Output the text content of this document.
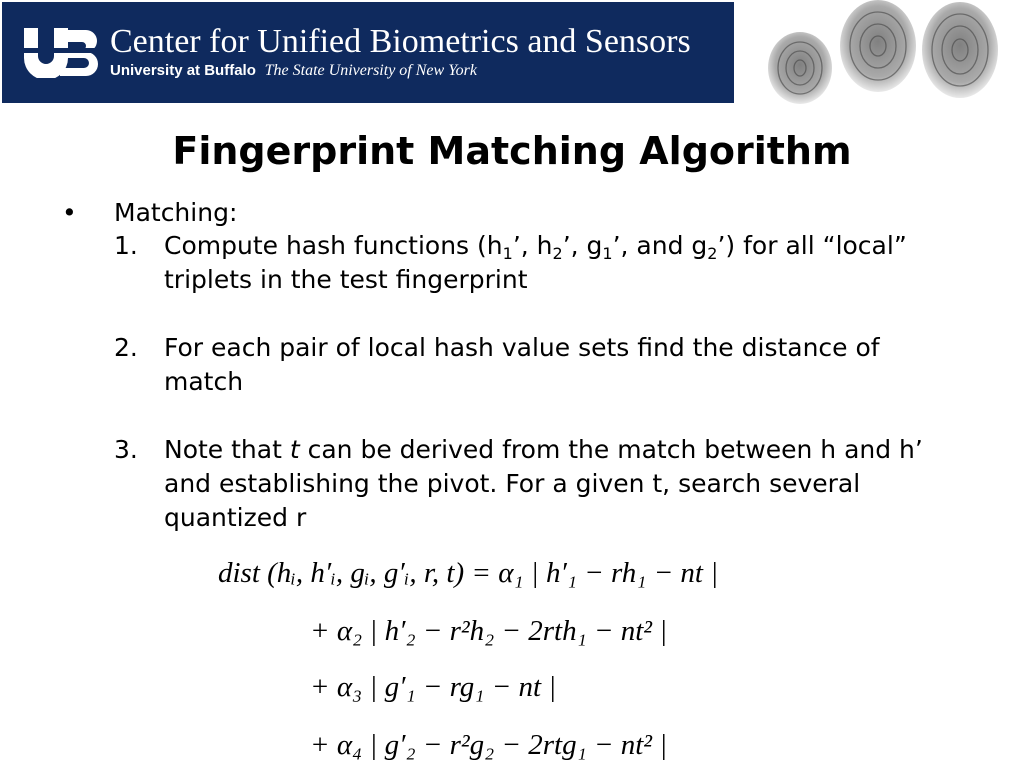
Center for Unified Biometrics and Sensors
University at Buffalo The State University of New York
Fingerprint Matching Algorithm
• Matching:
1. Compute hash functions ($h_1$’, $h_2$’, $g_1$’, and $g_2$’) for all “local” triplets in the test fingerprint
2. For each pair of local hash value sets find the distance of match
3. Note that t can be derived from the match between h and h’ and establishing the pivot. For a given t, search several quantized r
dist (hᵢ, h′ᵢ, gᵢ, g′ᵢ, r, t) = α₁ | h′₁ − rh₁ − nt |
+ α₂ | h′₂ − r²h₂ − 2rth₁ − nt² |
+ α₃ | g′₁ − rg₁ − nt |
+ α₄ | g′₂ − r²g₂ − 2rtg₁ − nt² |
